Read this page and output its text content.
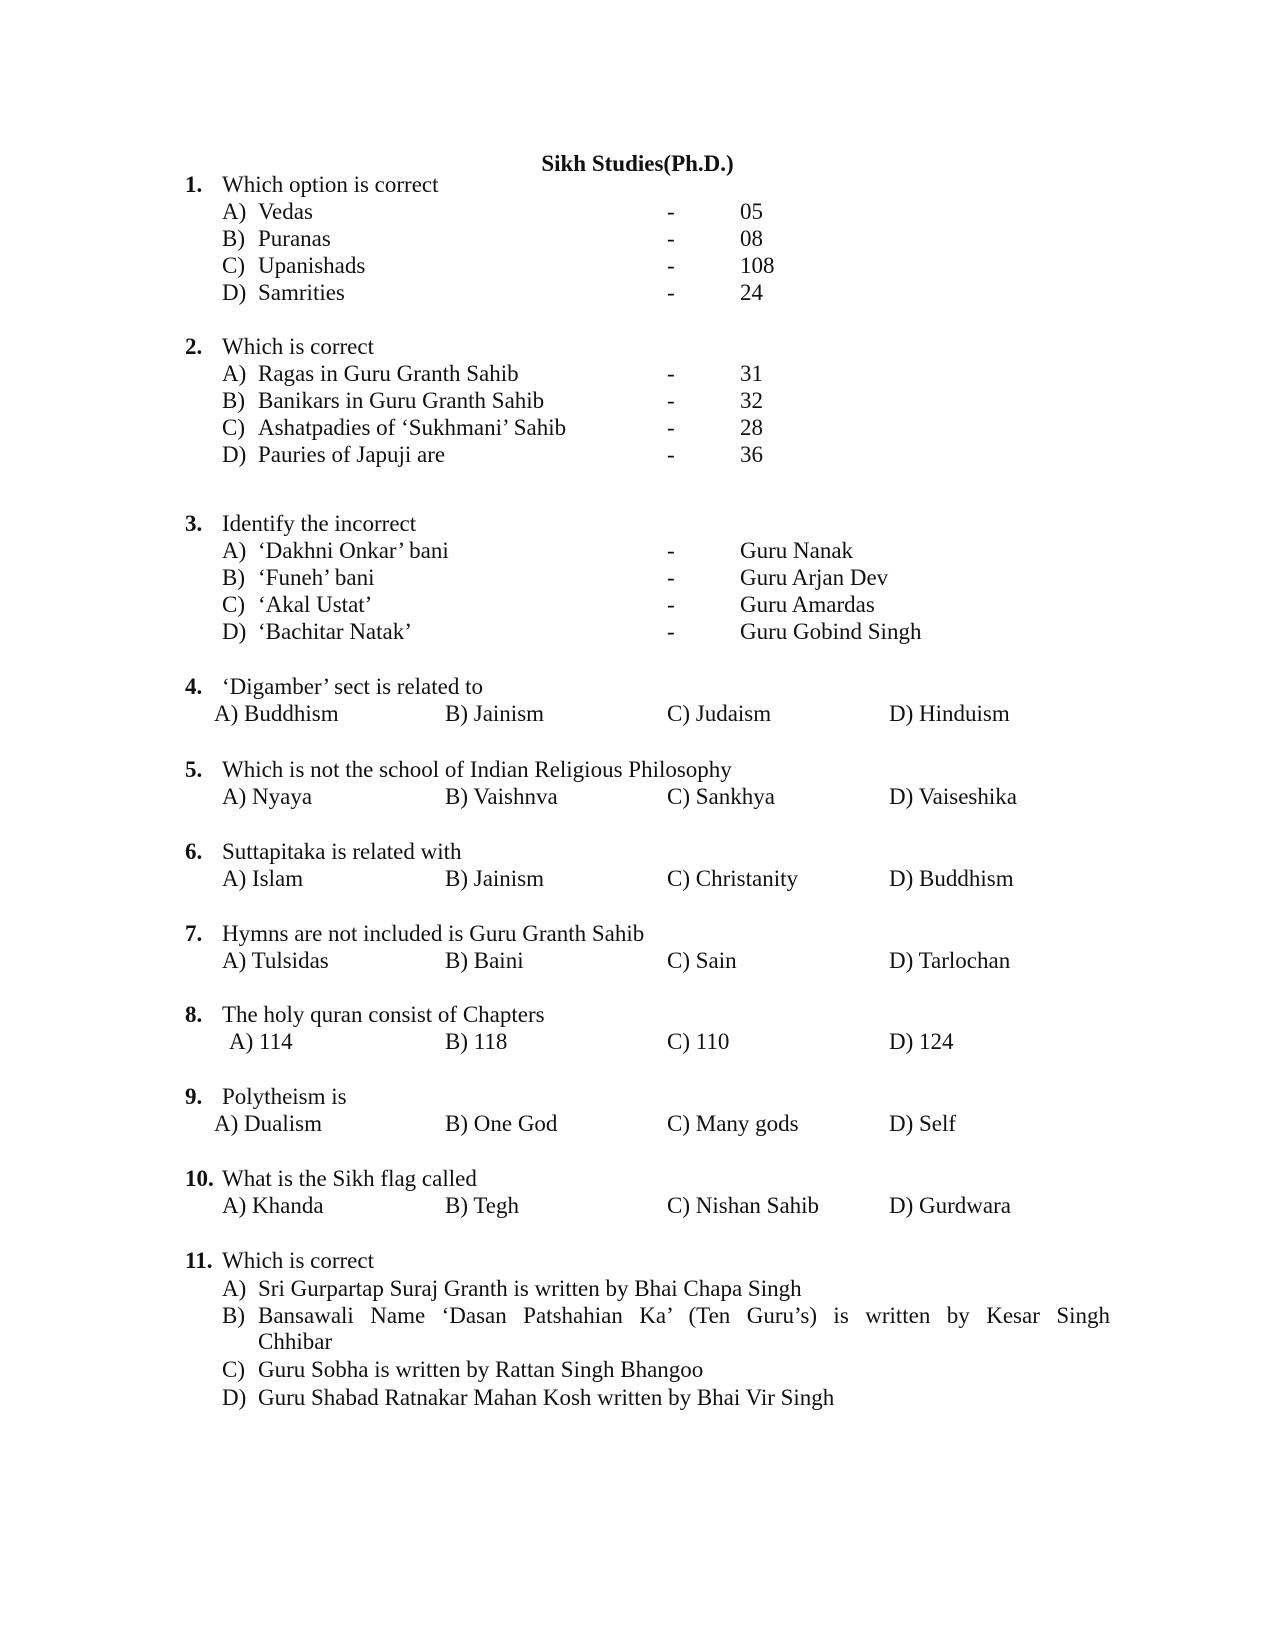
Sikh Studies(Ph.D.)
1. Which option is correct
A) Vedas	-	05
B) Puranas	-	08
C) Upanishads	-	108
D) Samrities	-	24
2. Which is correct
A) Ragas in Guru Granth Sahib	-	31
B) Banikars in Guru Granth Sahib	-	32
C) Ashatpadies of ‘Sukhmani’ Sahib	-	28
D) Pauries of Japuji are	-	36
3. Identify the incorrect
A) ‘Dakhni Onkar’ bani	-	Guru Nanak
B) ‘Funeh’ bani	-	Guru Arjan Dev
C) ‘Akal Ustat’	-	Guru Amardas
D) ‘Bachitar Natak’	-	Guru Gobind Singh
4. ‘Digamber’ sect is related to
A) Buddhism	B) Jainism	C) Judaism	D) Hinduism
5. Which is not the school of Indian Religious Philosophy
A) Nyaya	B) Vaishnva	C) Sankhya	D) Vaiseshika
6. Suttapitaka is related with
A) Islam	B) Jainism	C) Christanity	D) Buddhism
7. Hymns are not included is Guru Granth Sahib
A) Tulsidas	B) Baini	C) Sain	D) Tarlochan
8. The holy quran consist of Chapters
A) 114	B) 118	C) 110	D) 124
9. Polytheism is
A) Dualism	B) One God	C) Many gods	D) Self
10. What is the Sikh flag called
A) Khanda	B) Tegh	C) Nishan Sahib	D) Gurdwara
11. Which is correct
A) Sri Gurpartap Suraj Granth is written by Bhai Chapa Singh
B) Bansawali Name ‘Dasan Patshahian Ka’ (Ten Guru’s) is written by Kesar Singh
Chhibar
C) Guru Sobha is written by Rattan Singh Bhangoo
D) Guru Shabad Ratnakar Mahan Kosh written by Bhai Vir Singh
